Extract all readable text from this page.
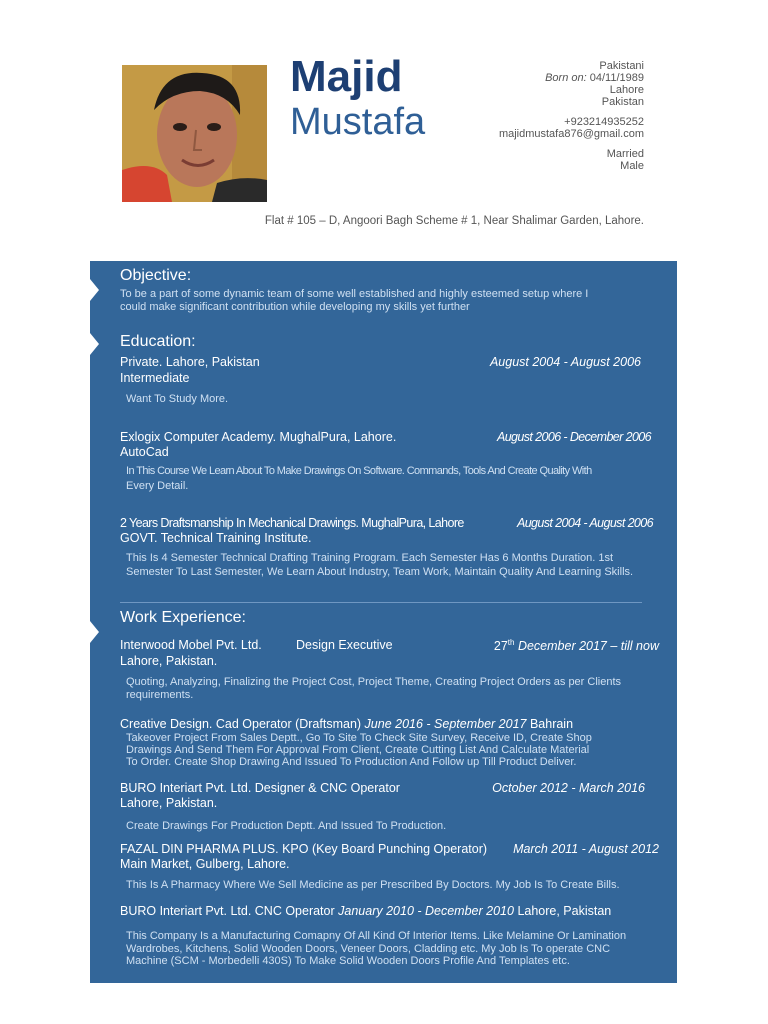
Majid
Mustafa
Pakistani
Born on: 04/11/1989
Lahore
Pakistan
+923214935252
majidmustafa876@gmail.com
Married
Male
Flat # 105 – D, Angoori Bagh Scheme # 1, Near Shalimar Garden, Lahore.
Objective:
To be a part of some dynamic team of some well established and highly esteemed setup where I
could make significant contribution while developing my skills yet further
Education:
Private. Lahore, Pakistan	August 2004 - August 2006
Intermediate
Want To Study More.
Exlogix Computer Academy. MughalPura, Lahore.	August 2006 - December 2006
AutoCad
In This Course We Learn About To Make Drawings On Software. Commands, Tools And Create Quality With
Every Detail.
2 Years Draftsmanship In Mechanical Drawings. MughalPura, Lahore	August 2004 - August 2006
GOVT. Technical Training Institute.
This Is 4 Semester Technical Drafting Training Program. Each Semester Has 6 Months Duration. 1st
Semester To Last Semester, We Learn About Industry, Team Work, Maintain Quality And Learning Skills.
Work Experience:
Interwood Mobel Pvt. Ltd.	Design Executive	27th December 2017 – till now
Lahore, Pakistan.
Quoting, Analyzing, Finalizing the Project Cost, Project Theme, Creating Project Orders as per Clients
requirements.
Creative Design. Cad Operator (Draftsman) June 2016 - September 2017 Bahrain
Takeover Project From Sales Deptt., Go To Site To Check Site Survey, Receive ID, Create Shop
Drawings And Send Them For Approval From Client, Create Cutting List And Calculate Material
To Order. Create Shop Drawing And Issued To Production And Follow up Till Product Deliver.
BURO Interiart Pvt. Ltd. Designer & CNC Operator	October 2012 - March 2016
Lahore, Pakistan.
Create Drawings For Production Deptt. And Issued To Production.
FAZAL DIN PHARMA PLUS. KPO (Key Board Punching Operator) March 2011 - August 2012
Main Market, Gulberg, Lahore.
This Is A Pharmacy Where We Sell Medicine as per Prescribed By Doctors. My Job Is To Create Bills.
BURO Interiart Pvt. Ltd. CNC Operator January 2010 - December 2010 Lahore, Pakistan
This Company Is a Manufacturing Comapny Of All Kind Of Interior Items. Like Melamine Or Lamination
Wardrobes, Kitchens, Solid Wooden Doors, Veneer Doors, Cladding etc. My Job Is To operate CNC
Machine (SCM - Morbedelli 430S) To Make Solid Wooden Doors Profile And Templates etc.
